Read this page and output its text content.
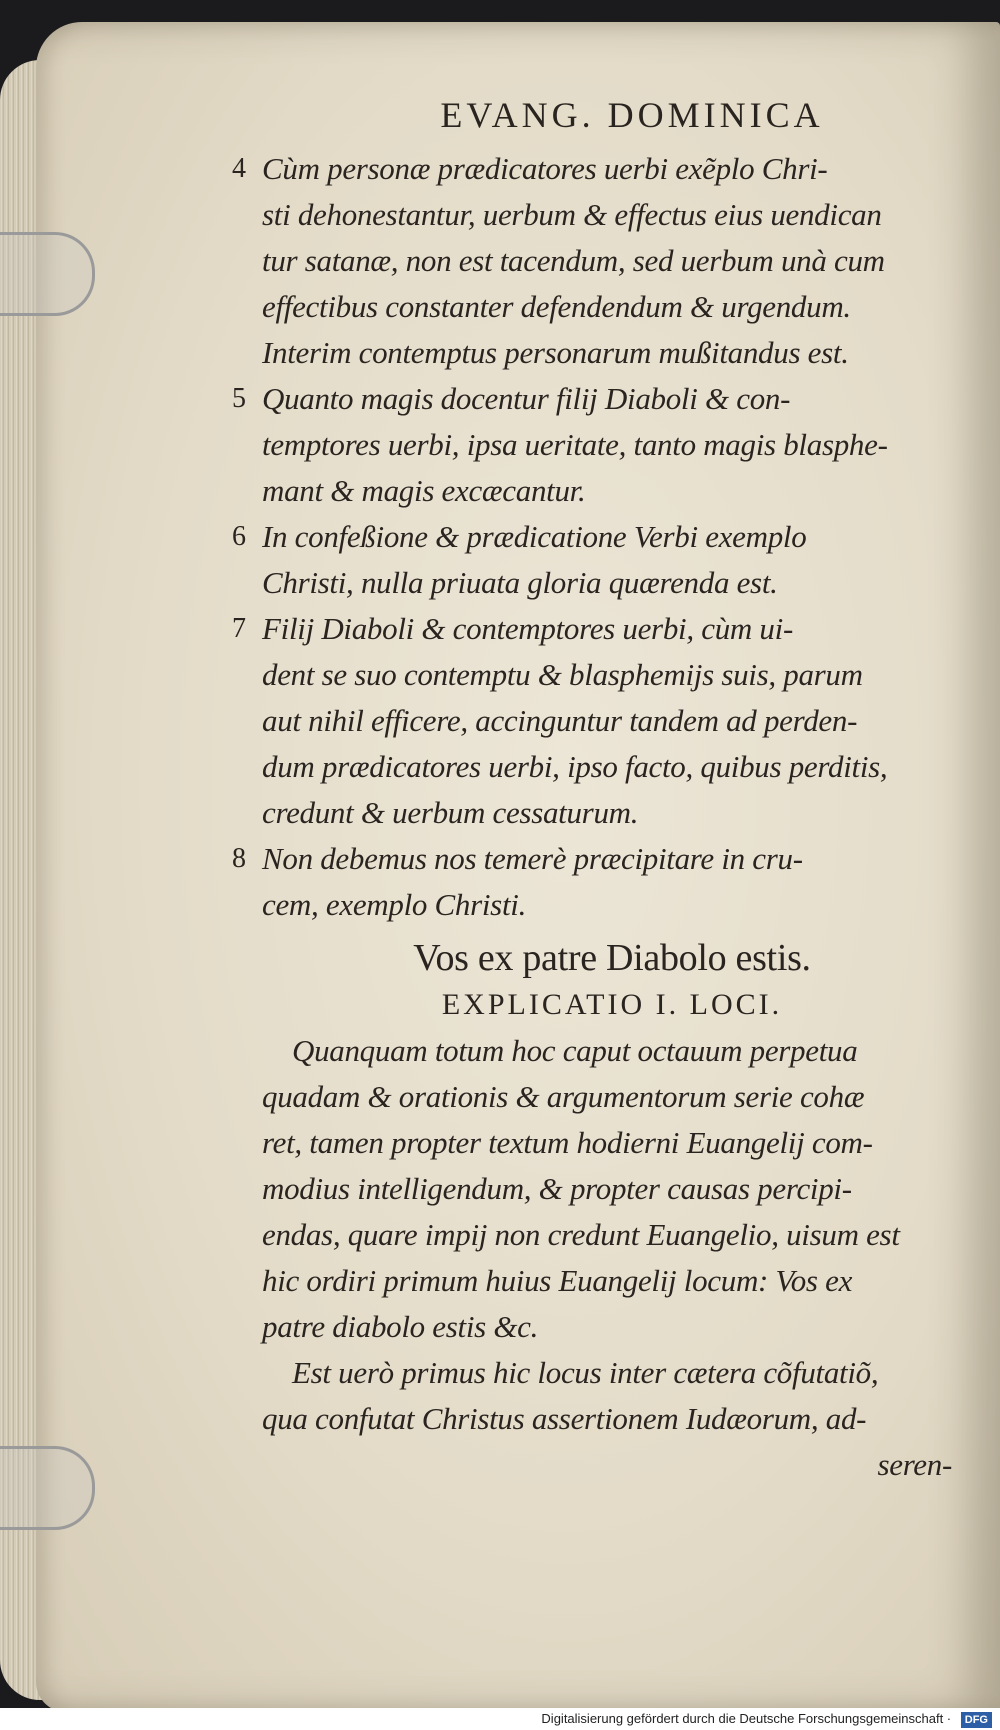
EVANG. DOMINICA
4 Cùm personæ prædicatores uerbi exẽplo Chri-
sti dehonestantur, uerbum & effectus eius uendican
tur satanæ, non est tacendum, sed uerbum unà cum
effectibus constanter defendendum & urgendum.
Interim contemptus personarum mußitandus est.
5 Quanto magis docentur filij Diaboli & con-
temptores uerbi, ipsa ueritate, tanto magis blasphe-
mant & magis excæcantur.
6 In confeßione & prædicatione Verbi exemplo
Christi, nulla priuata gloria quærenda est.
7 Filij Diaboli & contemptores uerbi, cùm ui-
dent se suo contemptu & blasphemijs suis, parum
aut nihil efficere, accinguntur tandem ad perden-
dum prædicatores uerbi, ipso facto, quibus perditis,
credunt & uerbum cessaturum.
8 Non debemus nos temerè præcipitare in cru-
cem, exemplo Christi.
Vos ex patre Diabolo estis.
EXPLICATIO I. LOCI.
Quanquam totum hoc caput octauum perpetua
quadam & orationis & argumentorum serie cohæ
ret, tamen propter textum hodierni Euangelij com-
modius intelligendum, & propter causas percipi-
endas, quare impij non credunt Euangelio, uisum est
hic ordiri primum huius Euangelij locum: Vos ex
patre diabolo estis &c.
Est uerò primus hic locus inter cætera cõfutatiõ,
qua confutat Christus assertionem Iudæorum, ad-
seren-
Digitalisierung gefördert durch die Deutsche Forschungsgemeinschaft · DFG
